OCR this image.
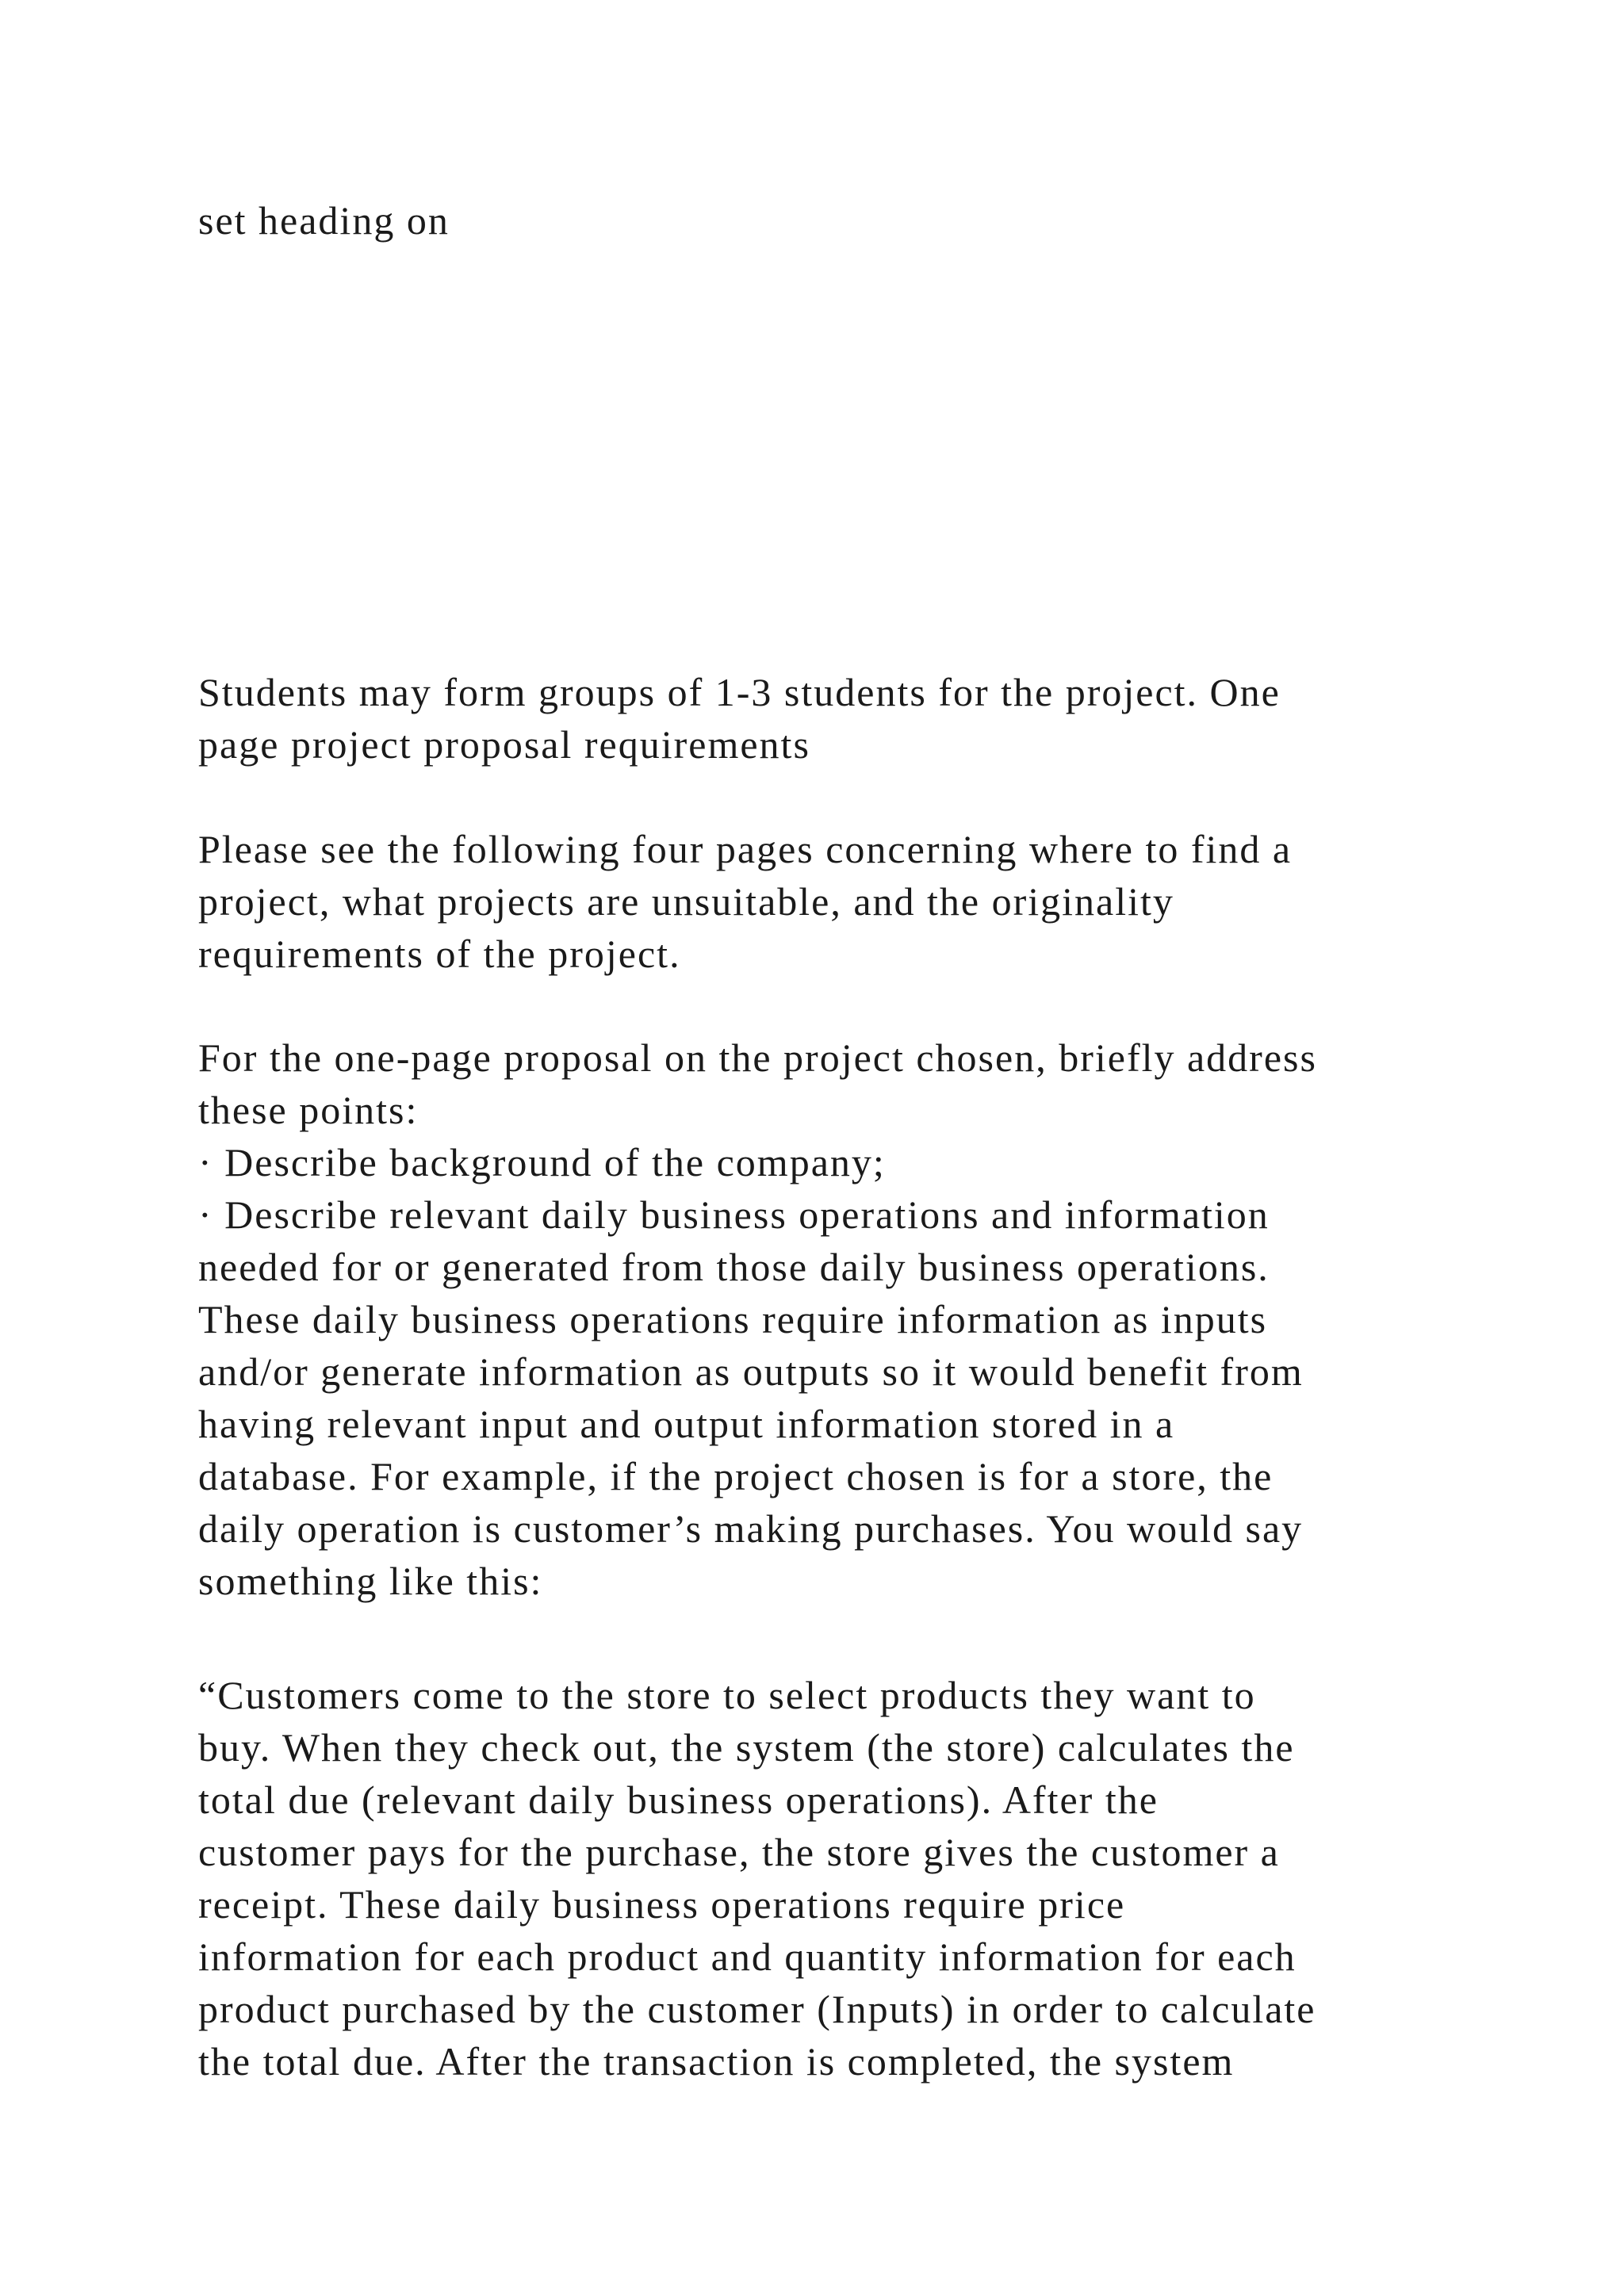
set heading on
Students may form groups of 1-3 students for the project. One
page project proposal requirements
Please see the following four pages concerning where to find a
project, what projects are unsuitable, and the originality
requirements of the project.
For the one-page proposal on the project chosen, briefly address
these points:
· Describe background of the company;
· Describe relevant daily business operations and information
needed for or generated from those daily business operations.
These daily business operations require information as inputs
and/or generate information as outputs so it would benefit from
having relevant input and output information stored in a
database. For example, if the project chosen is for a store, the
daily operation is customer’s making purchases. You would say
something like this:
“Customers come to the store to select products they want to
buy. When they check out, the system (the store) calculates the
total due (relevant daily business operations). After the
customer pays for the purchase, the store gives the customer a
receipt. These daily business operations require price
information for each product and quantity information for each
product purchased by the customer (Inputs) in order to calculate
the total due. After the transaction is completed, the system
